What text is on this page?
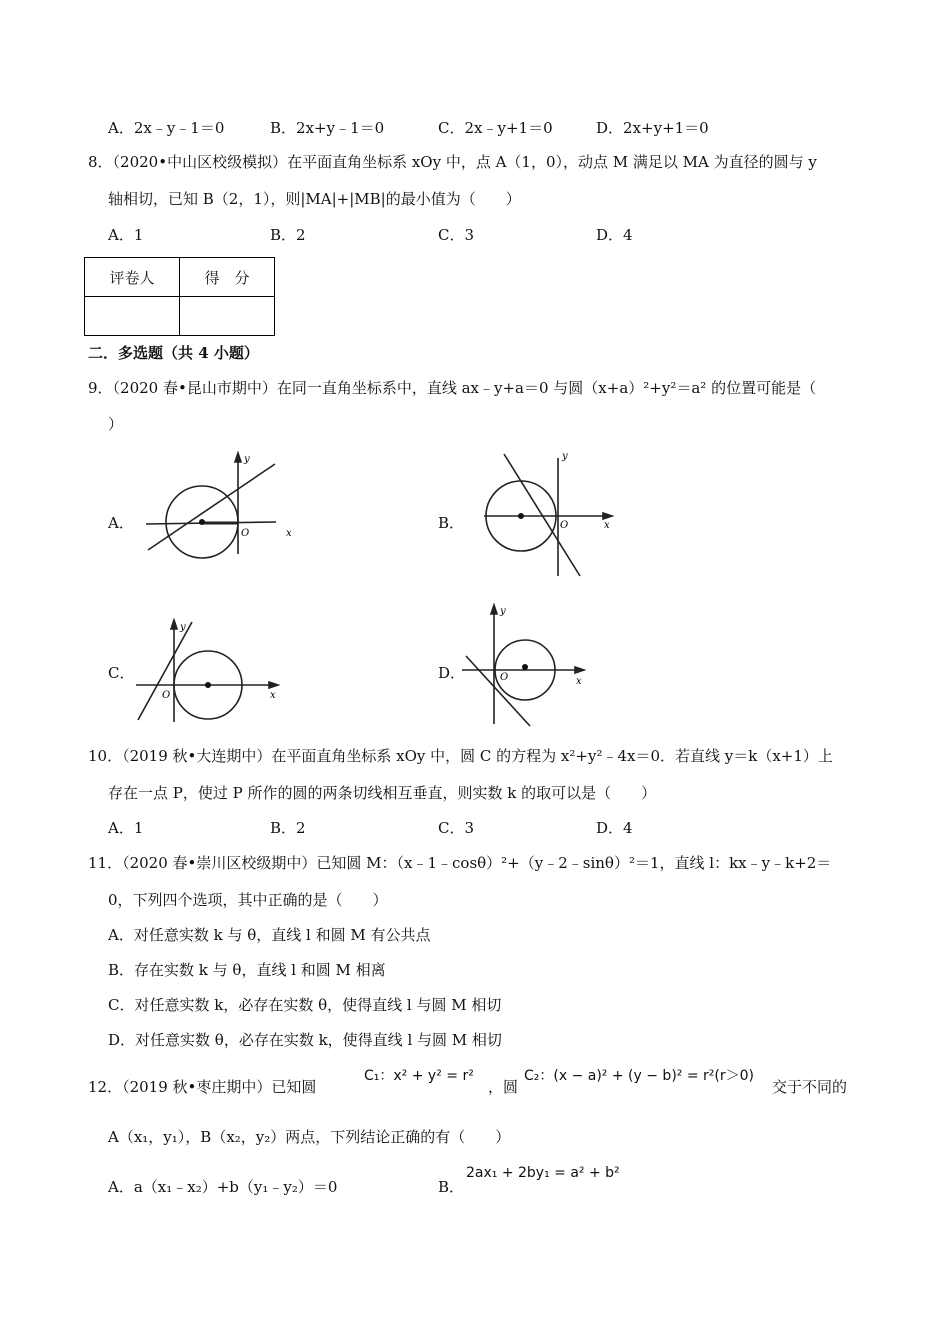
A．2x﹣y﹣1＝0	B．2x+y﹣1＝0	C．2x﹣y+1＝0	D．2x+y+1＝0
8．（2020•中山区校级模拟）在平面直角坐标系 xOy 中，点 A（1，0），动点 M 满足以 MA 为直径的圆与 y
轴相切，已知 B（2，1），则|MA|+|MB|的最小值为（　　）
A．1	B．2	C．3	D．4
评卷人	得　分

二．多选题（共 4 小题）
9．（2020 春•昆山市期中）在同一直角坐标系中，直线 ax﹣y+a＝0 与圆（x+a）²+y²＝a² 的位置可能是（
）
A．
y
O	x
B．
y
O	x
C．
y
O	x
D．
y
O	x
10．（2019 秋•大连期中）在平面直角坐标系 xOy 中，圆 C 的方程为 x²+y²﹣4x＝0．若直线 y＝k（x+1）上
存在一点 P，使过 P 所作的圆的两条切线相互垂直，则实数 k 的取可以是（　　）
A．1	B．2	C．3	D．4
11．（2020 春•崇川区校级期中）已知圆 M：（x﹣1﹣cosθ）²+（y﹣2﹣sinθ）²＝1，直线 l：kx﹣y﹣k+2＝
0，下列四个选项，其中正确的是（　　）
A．对任意实数 k 与 θ，直线 l 和圆 M 有公共点
B．存在实数 k 与 θ，直线 l 和圆 M 相离
C．对任意实数 k，必存在实数 θ，使得直线 l 与圆 M 相切
D．对任意实数 θ，必存在实数 k，使得直线 l 与圆 M 相切
12．（2019 秋•枣庄期中）已知圆
C₁：x² + y² = r²
，圆
C₂：(x − a)² + (y − b)² = r²(r＞0)
交于不同的
A（x₁，y₁），B（x₂，y₂）两点，下列结论正确的有（　　）
A．a（x₁﹣x₂）+b（y₁﹣y₂）＝0	B．
2ax₁ + 2by₁ = a² + b²
